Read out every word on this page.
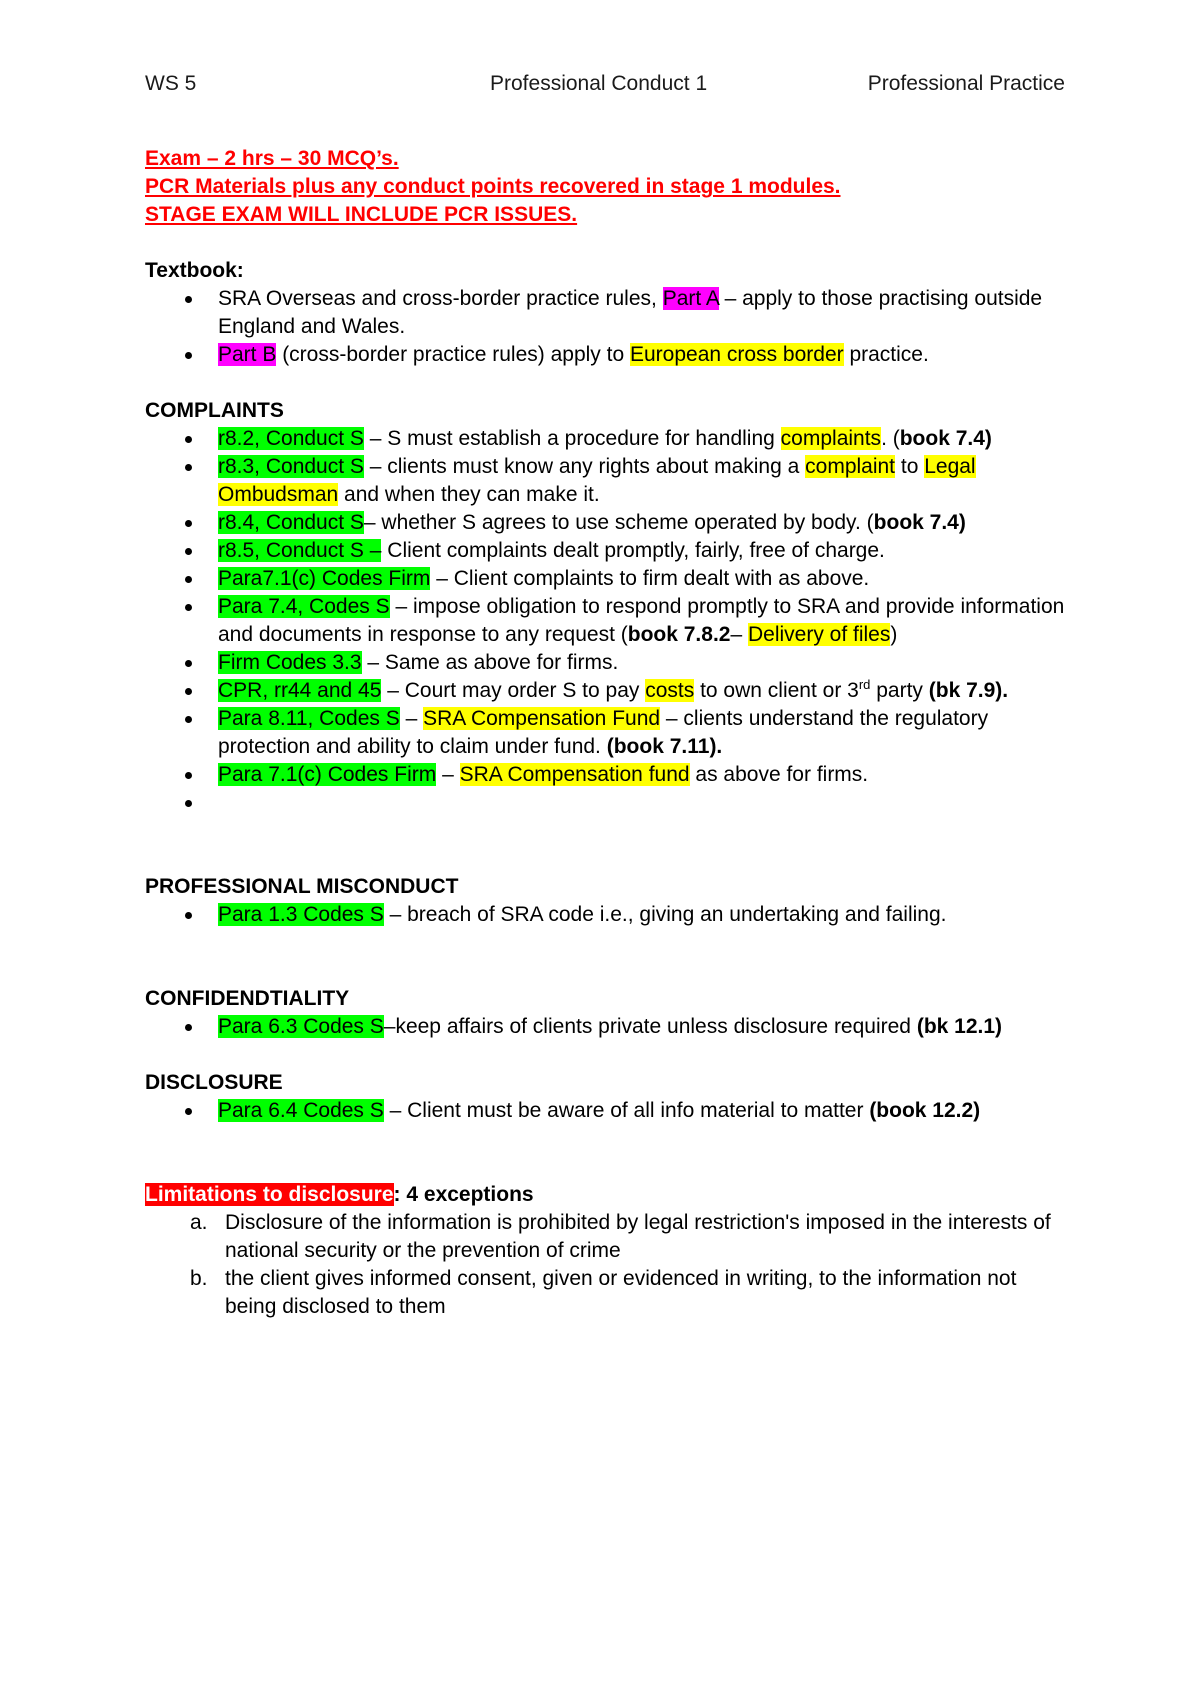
WS 5	Professional Conduct 1	Professional Practice
Exam – 2 hrs – 30 MCQ’s.
PCR Materials plus any conduct points recovered in stage 1 modules.
STAGE EXAM WILL INCLUDE PCR ISSUES.
Textbook:
SRA Overseas and cross-border practice rules, Part A – apply to those practising outside England and Wales.
Part B (cross-border practice rules) apply to European cross border practice.
COMPLAINTS
r8.2, Conduct S – S must establish a procedure for handling complaints. (book 7.4)
r8.3, Conduct S – clients must know any rights about making a complaint to Legal Ombudsman and when they can make it.
r8.4, Conduct S– whether S agrees to use scheme operated by body. (book 7.4)
r8.5, Conduct S – Client complaints dealt promptly, fairly, free of charge.
Para7.1(c) Codes Firm – Client complaints to firm dealt with as above.
Para 7.4, Codes S – impose obligation to respond promptly to SRA and provide information and documents in response to any request (book 7.8.2– Delivery of files)
Firm Codes 3.3 – Same as above for firms.
CPR, rr44 and 45 – Court may order S to pay costs to own client or 3rd party (bk 7.9).
Para 8.11, Codes S – SRA Compensation Fund – clients understand the regulatory protection and ability to claim under fund. (book 7.11).
Para 7.1(c) Codes Firm – SRA Compensation fund as above for firms.

PROFESSIONAL MISCONDUCT
Para 1.3 Codes S – breach of SRA code i.e., giving an undertaking and failing.
CONFIDENDTIALITY
Para 6.3 Codes S–keep affairs of clients private unless disclosure required (bk 12.1)
DISCLOSURE
Para 6.4 Codes S – Client must be aware of all info material to matter (book 12.2)
Limitations to disclosure: 4 exceptions
a. Disclosure of the information is prohibited by legal restriction's imposed in the interests of national security or the prevention of crime
b. the client gives informed consent, given or evidenced in writing, to the information not being disclosed to them
